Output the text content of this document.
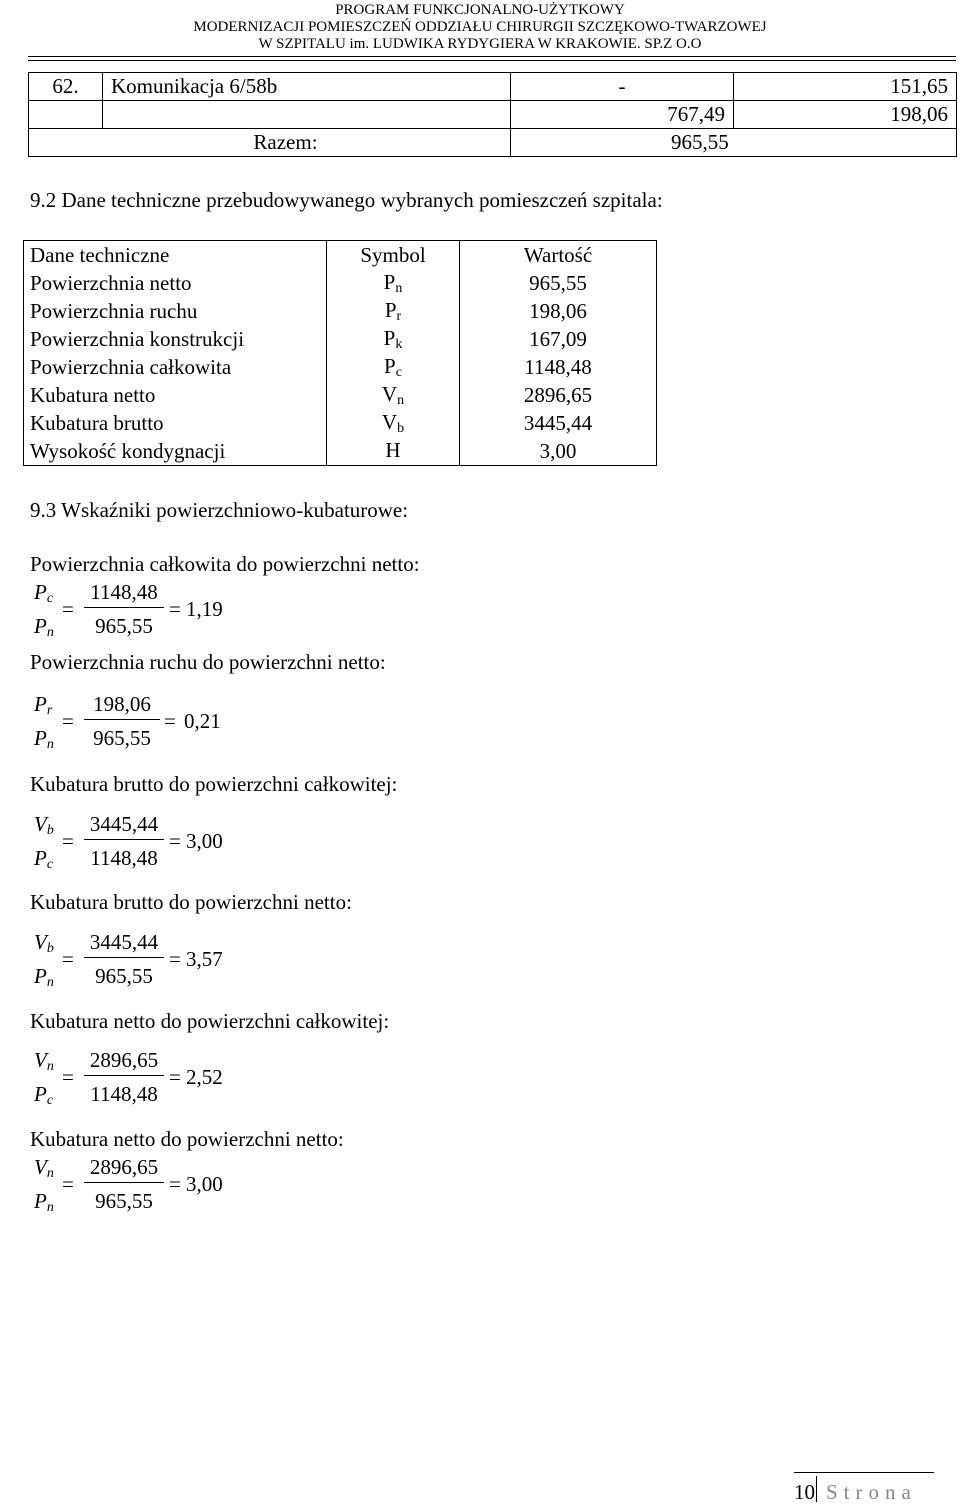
PROGRAM FUNKCJONALNO-UŻYTKOWY
MODERNIZACJI POMIESZCZEŃ ODDZIAŁU CHIRURGII SZCZĘKOWO-TWARZOWEJ
W SZPITALU im. LUDWIKA RYDYGIERA W KRAKOWIE. SP.Z O.O
62.	Komunikacja 6/58b	-	151,65
		767,49	198,06
Razem:		965,55	
9.2 Dane techniczne przebudowywanego wybranych pomieszczeń szpitala:
Dane techniczne	Symbol	Wartość
Powierzchnia netto	$P_n$	965,55
Powierzchnia ruchu	$P_r$	198,06
Powierzchnia konstrukcji	$P_k$	167,09
Powierzchnia całkowita	$P_c$	1148,48
Kubatura netto	$V_n$	2896,65
Kubatura brutto	$V_b$	3445,44
Wysokość kondygnacji	H	3,00
9.3 Wskaźniki powierzchniowo-kubaturowe:
Powierzchnia całkowita do powierzchni netto:
$P_c$
$P_n$
=
1148,48
965,55
= 1,19
Powierzchnia ruchu do powierzchni netto:
$P_r$
$P_n$
=
198,06
965,55
= 0,21
Kubatura brutto do powierzchni całkowitej:
$V_b$
$P_c$
=
3445,44
1148,48
= 3,00
Kubatura brutto do powierzchni netto:
$V_b$
$P_n$
=
3445,44
965,55
= 3,57
Kubatura netto do powierzchni całkowitej:
$V_n$
$P_c$
=
2896,65
1148,48
= 2,52
Kubatura netto do powierzchni netto:
$V_n$
$P_n$
=
2896,65
965,55
= 3,00
10 Strona
